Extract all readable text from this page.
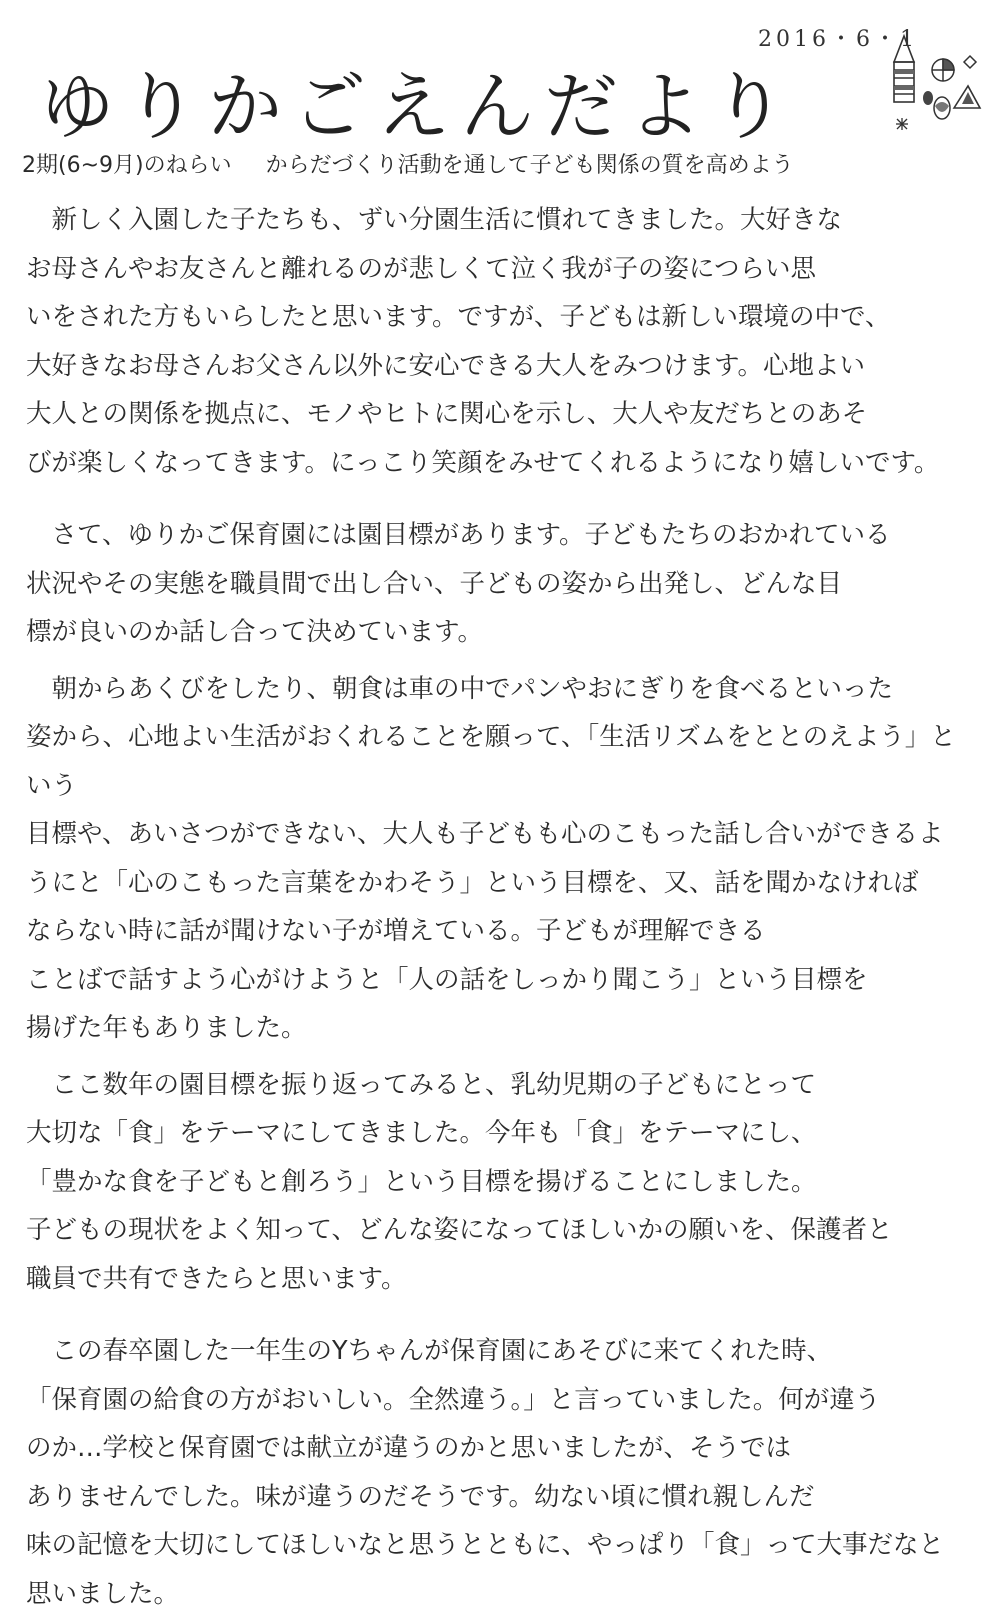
2016・6・1
ゆりかごえんだより
2期(6~9月)のねらい からだづくり活動を通して子ども関係の質を高めよう

　新しく入園した子たちも、ずい分園生活に慣れてきました。大好きな
お母さんやお友さんと離れるのが悲しくて泣く我が子の姿につらい思
いをされた方もいらしたと思います。ですが、子どもは新しい環境の中で、
大好きなお母さんお父さん以外に安心できる大人をみつけます。心地よい
大人との関係を拠点に、モノやヒトに関心を示し、大人や友だちとのあそ
びが楽しくなってきます。にっこり笑顔をみせてくれるようになり嬉しいです。

　さて、ゆりかご保育園には園目標があります。子どもたちのおかれている
状況やその実態を職員間で出し合い、子どもの姿から出発し、どんな目
標が良いのか話し合って決めています。

　朝からあくびをしたり、朝食は車の中でパンやおにぎりを食べるといった
姿から、心地よい生活がおくれることを願って、「生活リズムをととのえよう」という
目標や、あいさつができない、大人も子どもも心のこもった話し合いができるよ
うにと「心のこもった言葉をかわそう」という目標を、又、話を聞かなければ
ならない時に話が聞けない子が増えている。子どもが理解できる
ことばで話すよう心がけようと「人の話をしっかり聞こう」という目標を
揚げた年もありました。

　ここ数年の園目標を振り返ってみると、乳幼児期の子どもにとって
大切な「食」をテーマにしてきました。今年も「食」をテーマにし、
「豊かな食を子どもと創ろう」という目標を揚げることにしました。
子どもの現状をよく知って、どんな姿になってほしいかの願いを、保護者と
職員で共有できたらと思います。

　この春卒園した一年生のYちゃんが保育園にあそびに来てくれた時、
「保育園の給食の方がおいしい。全然違う。」と言っていました。何が違う
のか…学校と保育園では献立が違うのかと思いましたが、そうでは
ありませんでした。味が違うのだそうです。幼ない頃に慣れ親しんだ
味の記憶を大切にしてほしいなと思うとともに、やっぱり「食」って大事だなと
思いました。
